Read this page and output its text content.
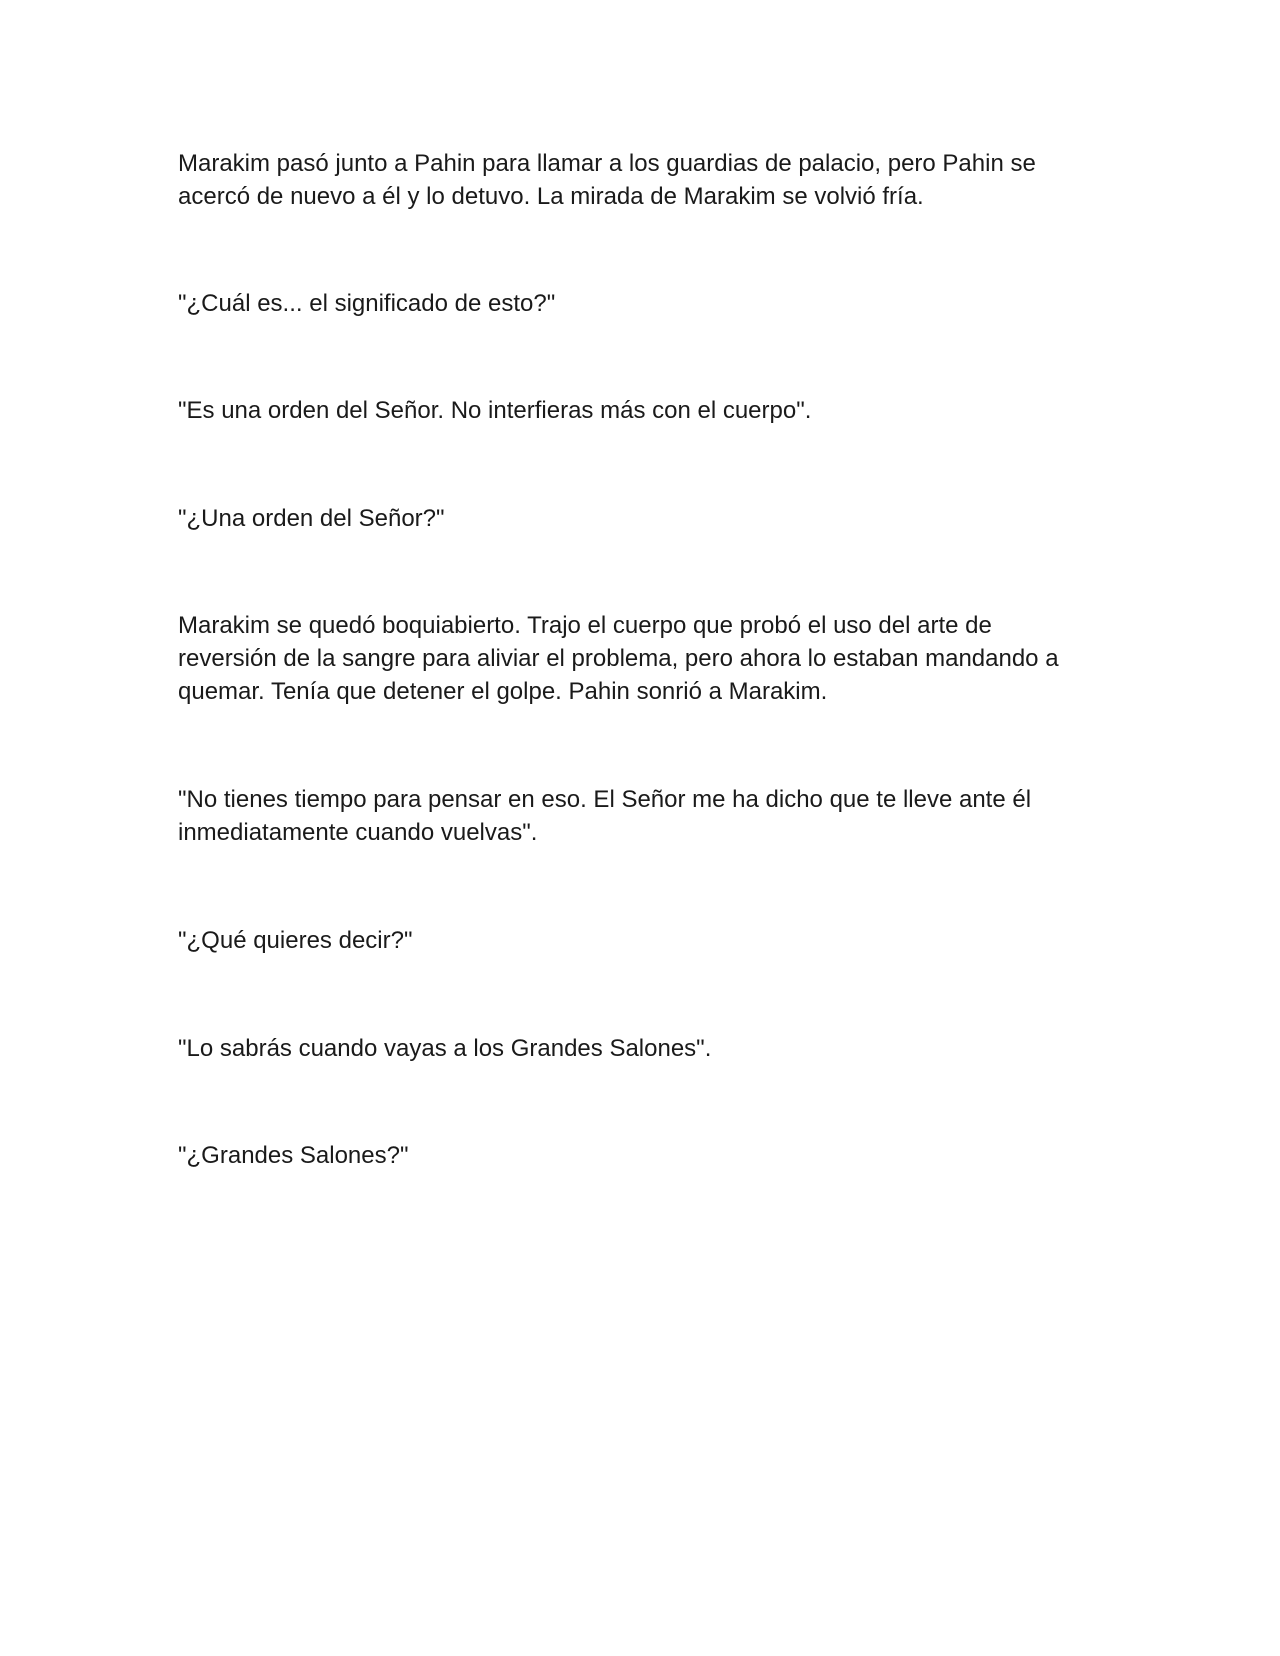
Marakim pasó junto a Pahin para llamar a los guardias de palacio, pero Pahin se
acercó de nuevo a él y lo detuvo. La mirada de Marakim se volvió fría.

"¿Cuál es... el significado de esto?"

"Es una orden del Señor. No interfieras más con el cuerpo".

"¿Una orden del Señor?"

Marakim se quedó boquiabierto. Trajo el cuerpo que probó el uso del arte de
reversión de la sangre para aliviar el problema, pero ahora lo estaban mandando a
quemar. Tenía que detener el golpe. Pahin sonrió a Marakim.

"No tienes tiempo para pensar en eso. El Señor me ha dicho que te lleve ante él
inmediatamente cuando vuelvas".

"¿Qué quieres decir?"

"Lo sabrás cuando vayas a los Grandes Salones".

"¿Grandes Salones?"
